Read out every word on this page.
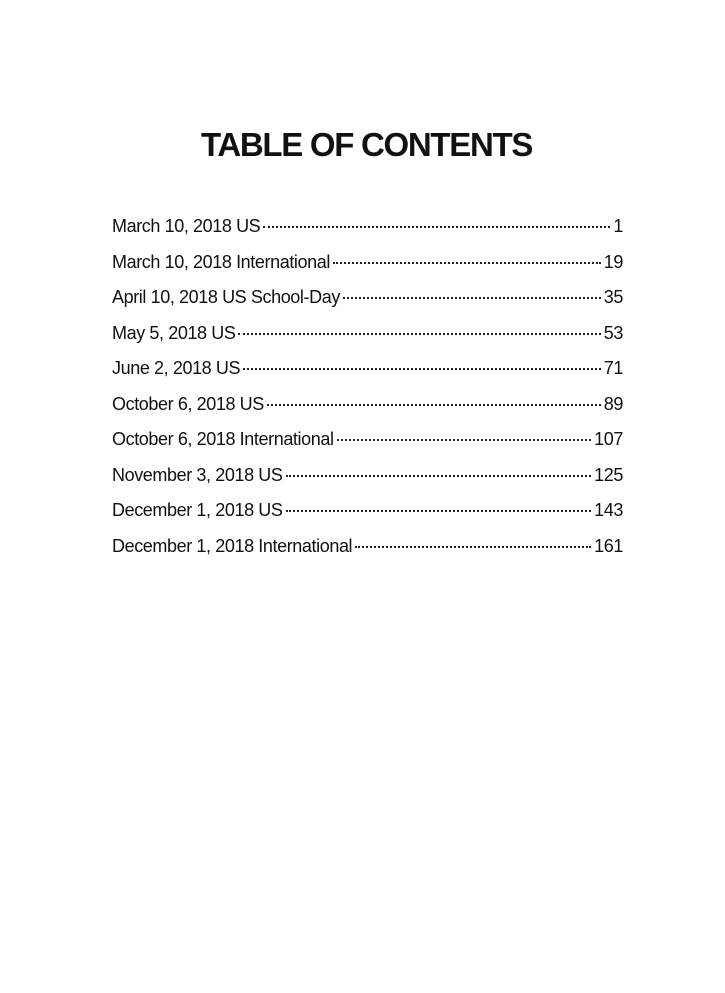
TABLE OF CONTENTS
March 10, 2018 US	1
March 10, 2018 International	19
April 10, 2018 US School-Day	35
May 5, 2018 US	53
June 2, 2018 US	71
October 6, 2018 US	89
October 6, 2018 International	107
November 3, 2018 US	125
December 1, 2018 US	143
December 1, 2018 International	161
